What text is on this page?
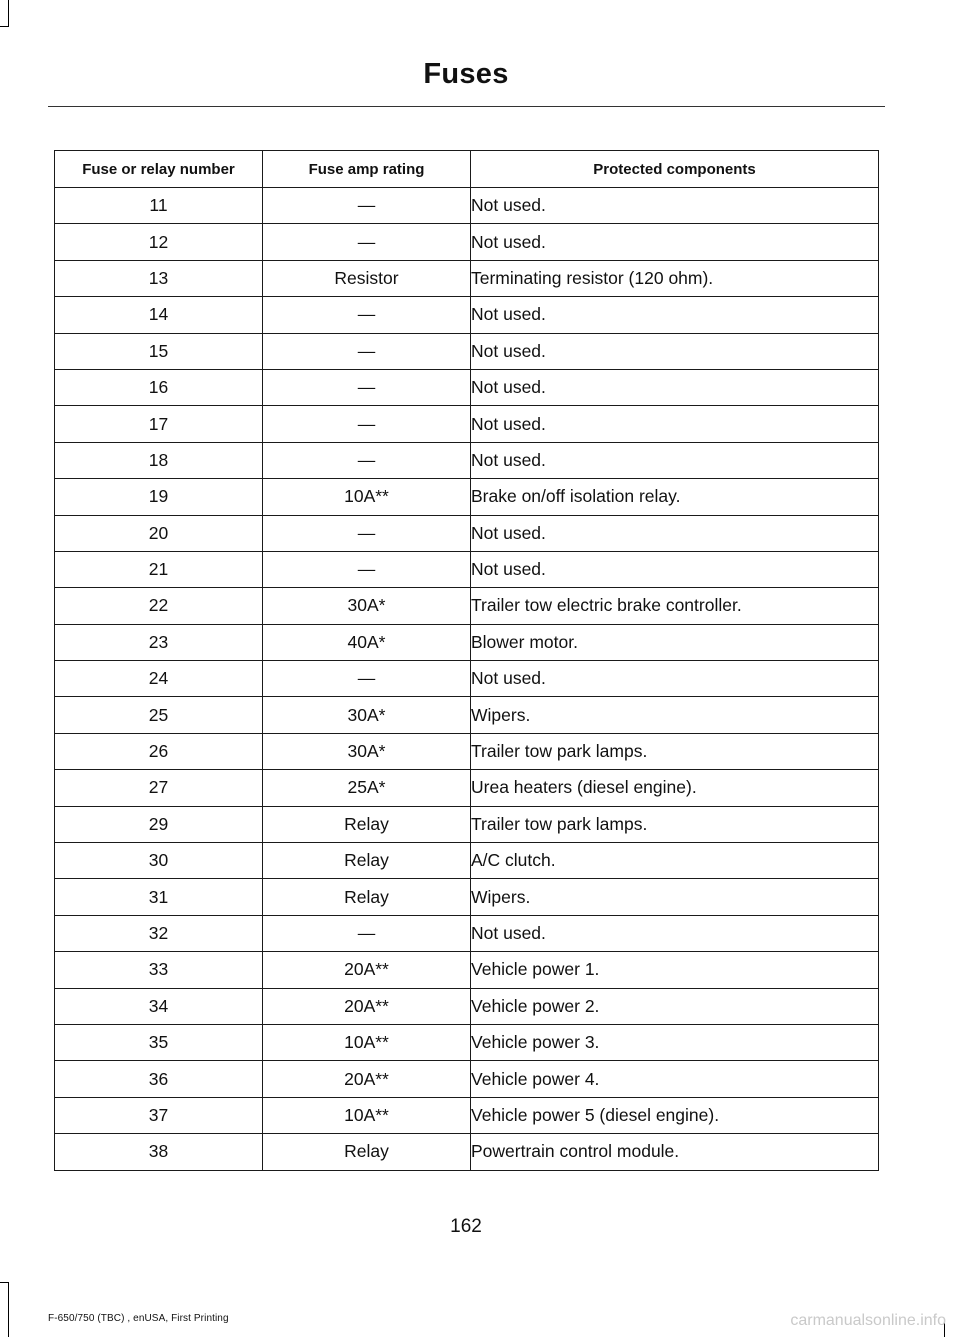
Fuses
Fuse or relay number	Fuse amp rating	Protected components
11	—	Not used.
12	—	Not used.
13	Resistor	Terminating resistor (120 ohm).
14	—	Not used.
15	—	Not used.
16	—	Not used.
17	—	Not used.
18	—	Not used.
19	10A**	Brake on/off isolation relay.
20	—	Not used.
21	—	Not used.
22	30A*	Trailer tow electric brake controller.
23	40A*	Blower motor.
24	—	Not used.
25	30A*	Wipers.
26	30A*	Trailer tow park lamps.
27	25A*	Urea heaters (diesel engine).
29	Relay	Trailer tow park lamps.
30	Relay	A/C clutch.
31	Relay	Wipers.
32	—	Not used.
33	20A**	Vehicle power 1.
34	20A**	Vehicle power 2.
35	10A**	Vehicle power 3.
36	20A**	Vehicle power 4.
37	10A**	Vehicle power 5 (diesel engine).
38	Relay	Powertrain control module.
162
F-650/750 (TBC) , enUSA, First Printing	carmanualsonline.info
